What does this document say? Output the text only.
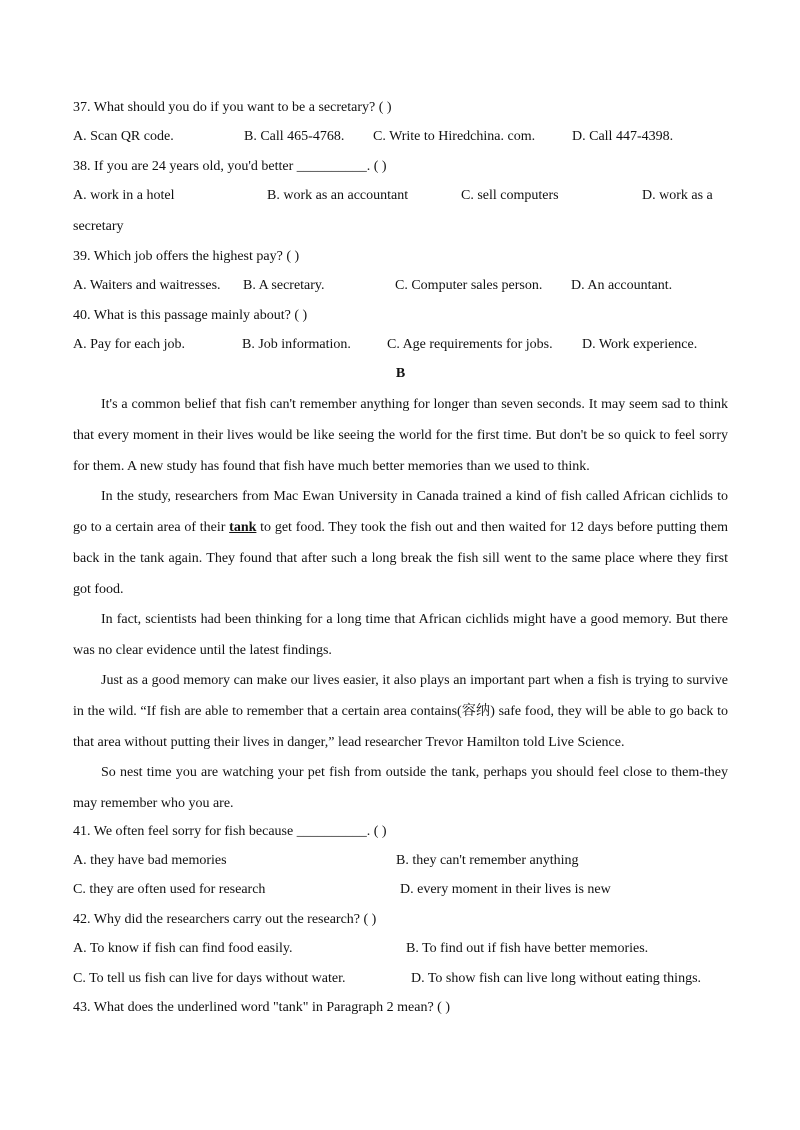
37. What should you do if you want to be a secretary? ( )
A. Scan QR code.	B. Call 465-4768. C. Write to Hiredchina. com.	D. Call 447-4398.
38. If you are 24 years old, you'd better __________. ( )
A. work in a hotel	B. work as an accountant	C. sell computers	D. work as a
secretary
39. Which job offers the highest pay? ( )
A. Waiters and waitresses. B. A secretary.	C. Computer sales person. D. An accountant.
40. What is this passage mainly about? ( )
A. Pay for each job.	B. Job information.	C. Age requirements for jobs. D. Work experience.
B
It's a common belief that fish can't remember anything for longer than seven seconds. It may seem sad to think that every moment in their lives would be like seeing the world for the first time. But don't be so quick to feel sorry for them. A new study has found that fish have much better memories than we used to think.
In the study, researchers from Mac Ewan University in Canada trained a kind of fish called African cichlids to go to a certain area of their tank to get food. They took the fish out and then waited for 12 days before putting them back in the tank again. They found that after such a long break the fish sill went to the same place where they first got food.
In fact, scientists had been thinking for a long time that African cichlids might have a good memory. But there was no clear evidence until the latest findings.
Just as a good memory can make our lives easier, it also plays an important part when a fish is trying to survive in the wild. “If fish are able to remember that a certain area contains(容纳) safe food, they will be able to go back to that area without putting their lives in danger,” lead researcher Trevor Hamilton told Live Science.
So nest time you are watching your pet fish from outside the tank, perhaps you should feel close to them-they may remember who you are.
41. We often feel sorry for fish because __________. ( )
A. they have bad memories	B. they can't remember anything
C. they are often used for research	D. every moment in their lives is new
42. Why did the researchers carry out the research? ( )
A. To know if fish can find food easily.	B. To find out if fish have better memories.
C. To tell us fish can live for days without water.	D. To show fish can live long without eating things.
43. What does the underlined word "tank" in Paragraph 2 mean? ( )
